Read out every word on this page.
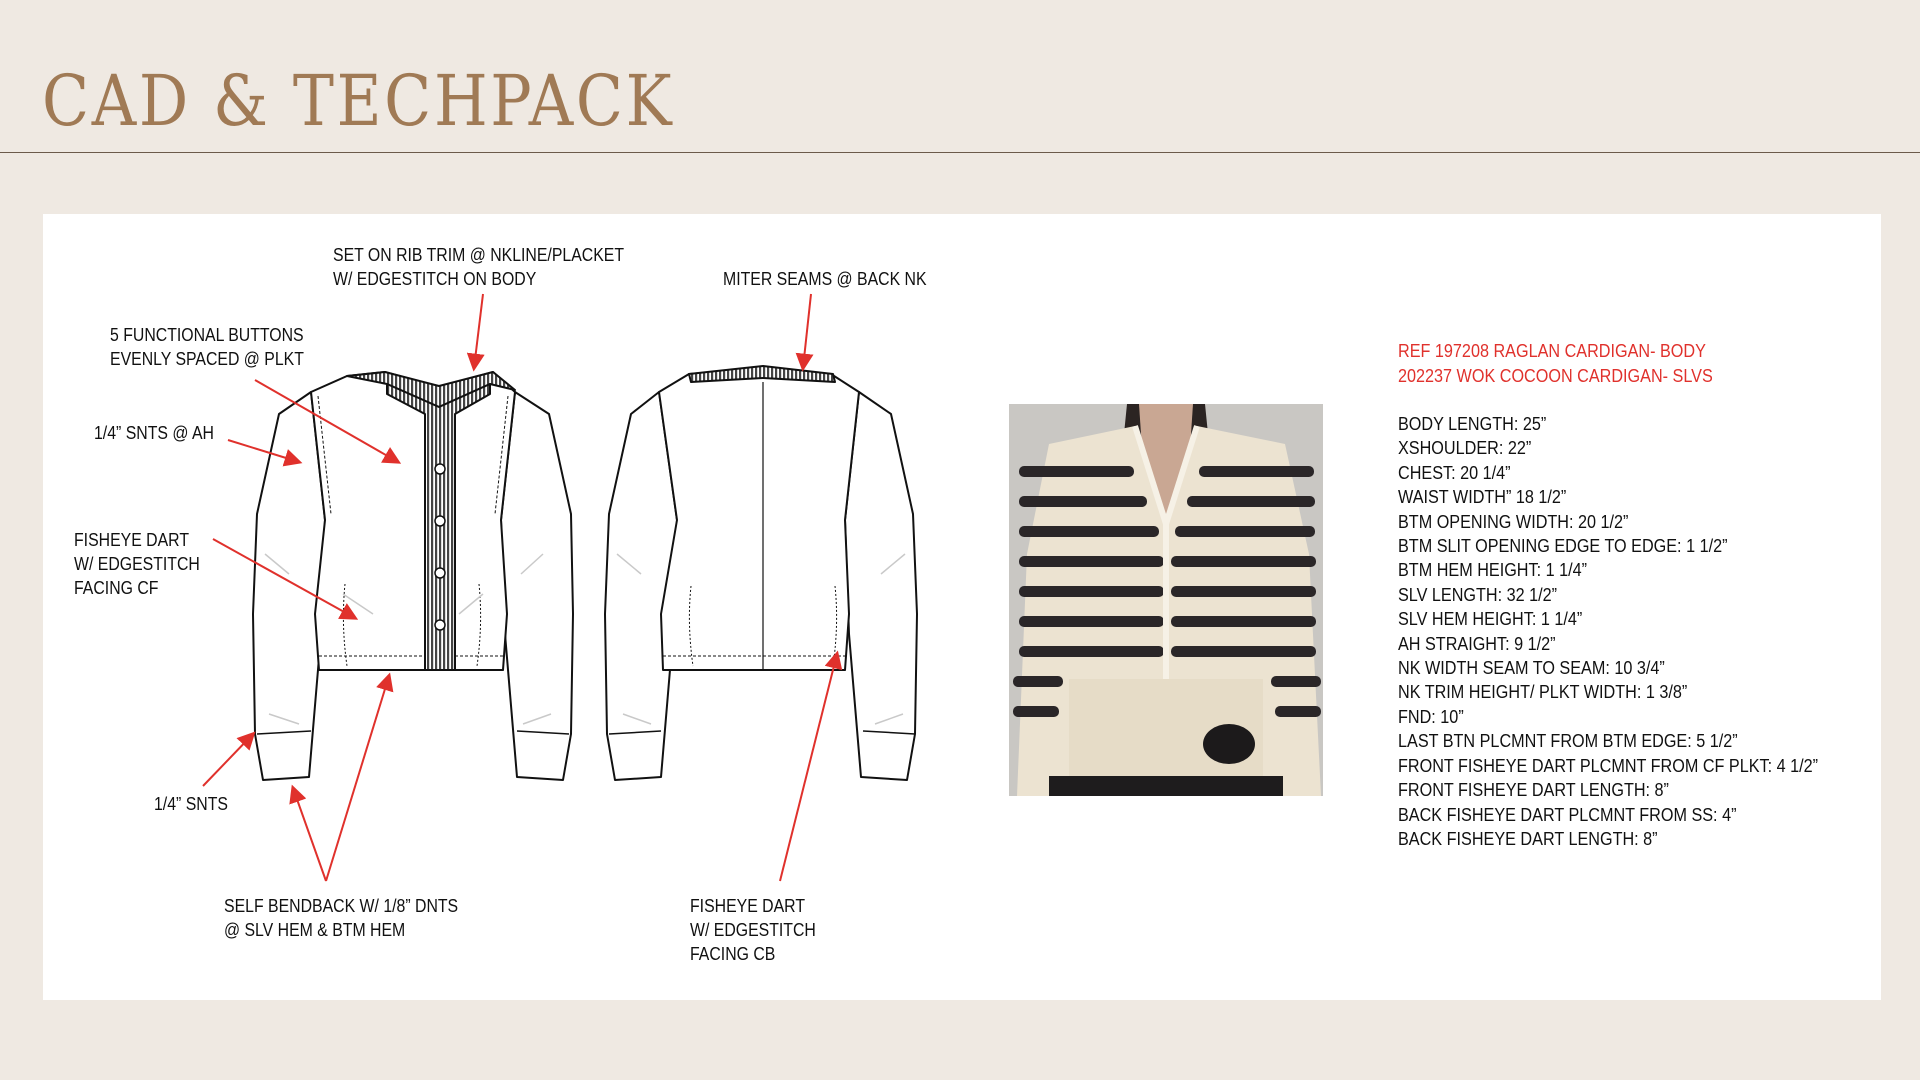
CAD & TECHPACK
SET ON RIB TRIM @ NKLINE/PLACKET
W/ EDGESTITCH ON BODY	MITER SEAMS @ BACK NK
5 FUNCTIONAL BUTTONS
EVENLY SPACED @ PLKT
1/4” SNTS @ AH
FISHEYE DART
W/ EDGESTITCH
FACING CF
1/4” SNTS
SELF BENDBACK W/ 1/8” DNTS
@ SLV HEM & BTM HEM
FISHEYE DART
W/ EDGESTITCH
FACING CB

REF 197208 RAGLAN CARDIGAN- BODY

202237 WOK COCOON CARDIGAN- SLVS

BODY LENGTH: 25”
XSHOULDER: 22”
CHEST: 20 1/4”
WAIST WIDTH” 18 1/2”
BTM OPENING WIDTH: 20 1/2”
BTM SLIT OPENING EDGE TO EDGE: 1 1/2”
BTM HEM HEIGHT: 1 1/4”
SLV LENGTH: 32 1/2”
SLV HEM HEIGHT: 1 1/4”
AH STRAIGHT: 9 1/2”
NK WIDTH SEAM TO SEAM: 10 3/4”
NK TRIM HEIGHT/ PLKT WIDTH: 1 3/8”
FND: 10”
LAST BTN PLCMNT FROM BTM EDGE: 5 1/2”
FRONT FISHEYE DART PLCMNT FROM CF PLKT: 4 1/2”
FRONT FISHEYE DART LENGTH: 8”
BACK FISHEYE DART PLCMNT FROM SS: 4”
BACK FISHEYE DART LENGTH: 8”
